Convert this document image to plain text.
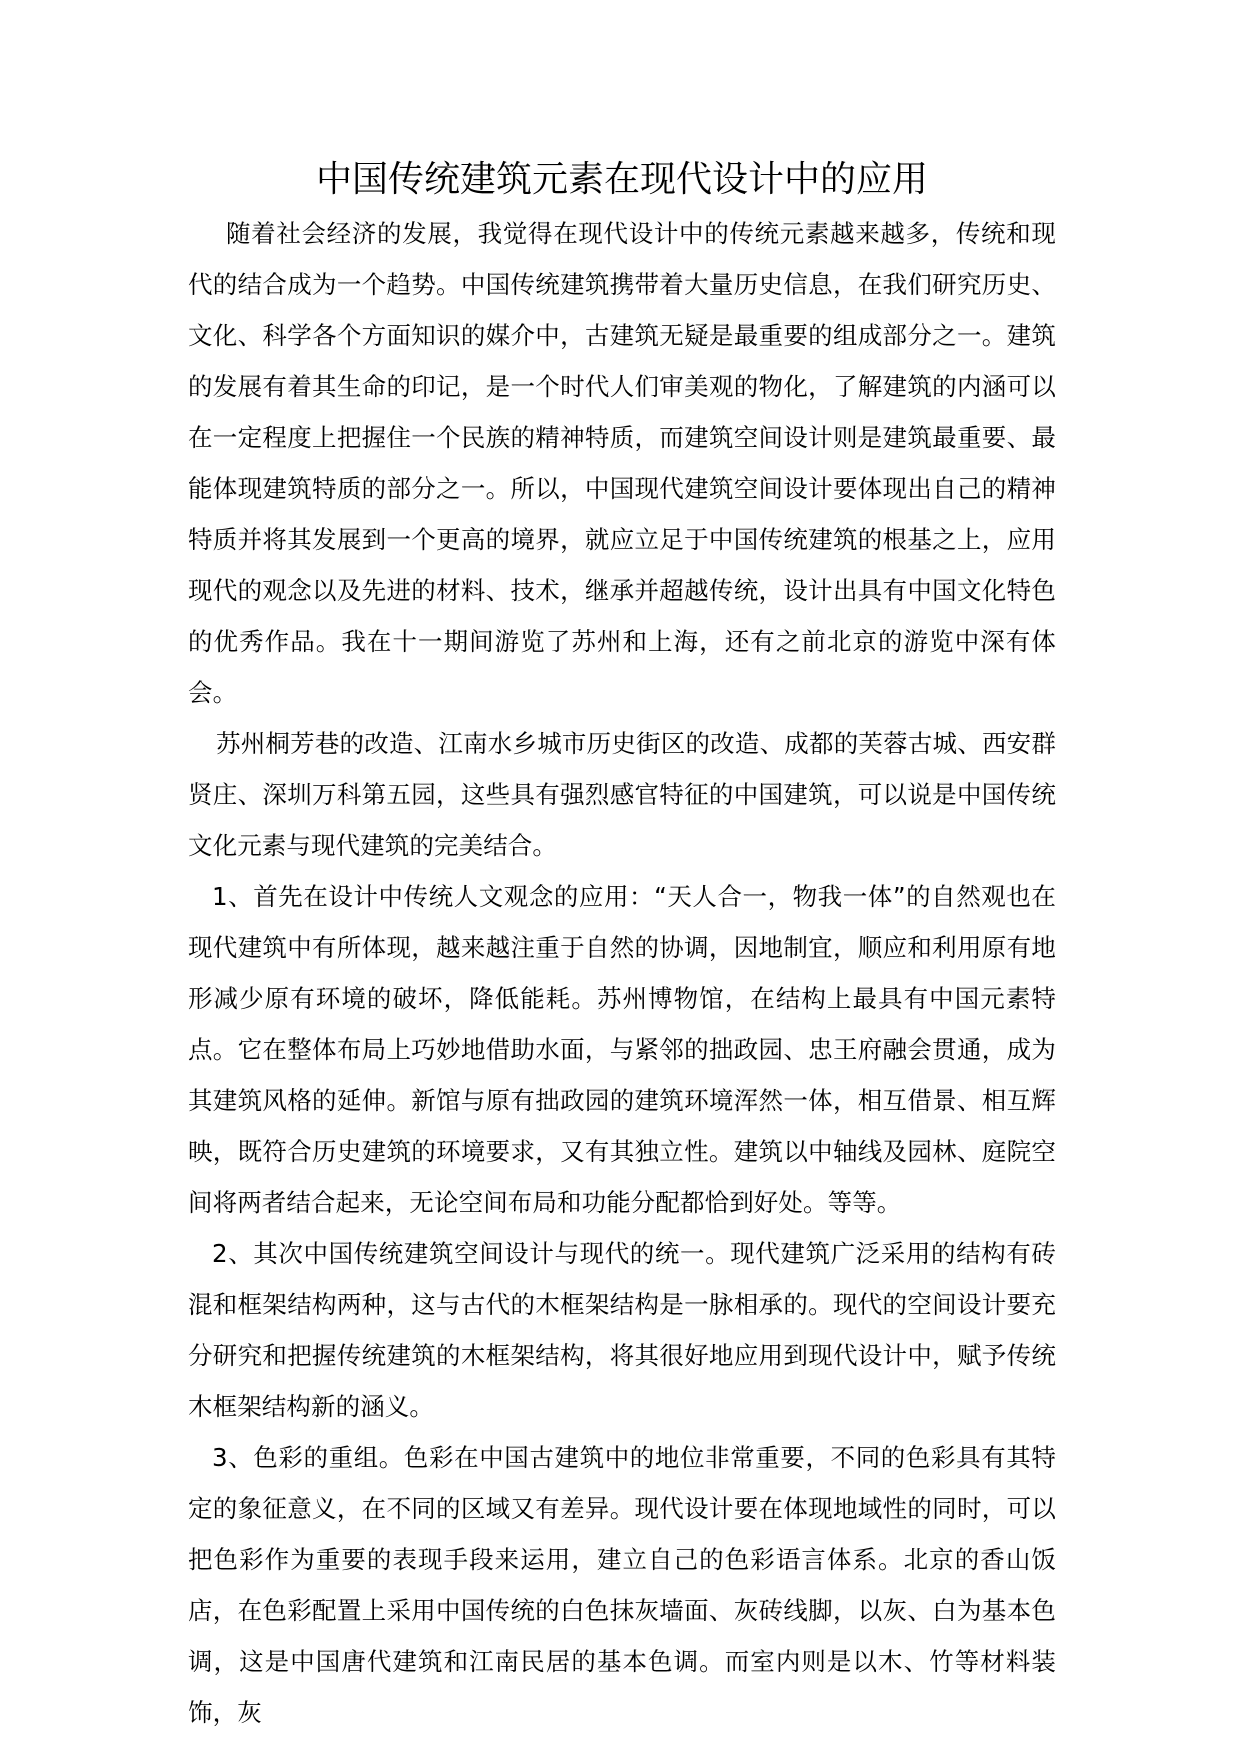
中国传统建筑元素在现代设计中的应用

随着社会经济的发展，我觉得在现代设计中的传统元素越来越多，传统和现代的结合成为一个趋势。中国传统建筑携带着大量历史信息，在我们研究历史、文化、科学各个方面知识的媒介中，古建筑无疑是最重要的组成部分之一。建筑的发展有着其生命的印记，是一个时代人们审美观的物化，了解建筑的内涵可以在一定程度上把握住一个民族的精神特质，而建筑空间设计则是建筑最重要、最能体现建筑特质的部分之一。所以，中国现代建筑空间设计要体现出自己的精神特质并将其发展到一个更高的境界，就应立足于中国传统建筑的根基之上，应用现代的观念以及先进的材料、技术，继承并超越传统，设计出具有中国文化特色的优秀作品。我在十一期间游览了苏州和上海，还有之前北京的游览中深有体会。

苏州桐芳巷的改造、江南水乡城市历史街区的改造、成都的芙蓉古城、西安群贤庄、深圳万科第五园，这些具有强烈感官特征的中国建筑，可以说是中国传统文化元素与现代建筑的完美结合。

1、首先在设计中传统人文观念的应用：“天人合一，物我一体”的自然观也在现代建筑中有所体现，越来越注重于自然的协调，因地制宜，顺应和利用原有地形减少原有环境的破坏，降低能耗。苏州博物馆，在结构上最具有中国元素特点。它在整体布局上巧妙地借助水面，与紧邻的拙政园、忠王府融会贯通，成为其建筑风格的延伸。新馆与原有拙政园的建筑环境浑然一体，相互借景、相互辉映，既符合历史建筑的环境要求，又有其独立性。建筑以中轴线及园林、庭院空间将两者结合起来，无论空间布局和功能分配都恰到好处。等等。

2、其次中国传统建筑空间设计与现代的统一。现代建筑广泛采用的结构有砖混和框架结构两种，这与古代的木框架结构是一脉相承的。现代的空间设计要充分研究和把握传统建筑的木框架结构，将其很好地应用到现代设计中，赋予传统木框架结构新的涵义。

3、色彩的重组。色彩在中国古建筑中的地位非常重要，不同的色彩具有其特定的象征意义，在不同的区域又有差异。现代设计要在体现地域性的同时，可以把色彩作为重要的表现手段来运用，建立自己的色彩语言体系。北京的香山饭店，在色彩配置上采用中国传统的白色抹灰墙面、灰砖线脚，以灰、白为基本色调，这是中国唐代建筑和江南民居的基本色调。而室内则是以木、竹等材料装饰，灰
